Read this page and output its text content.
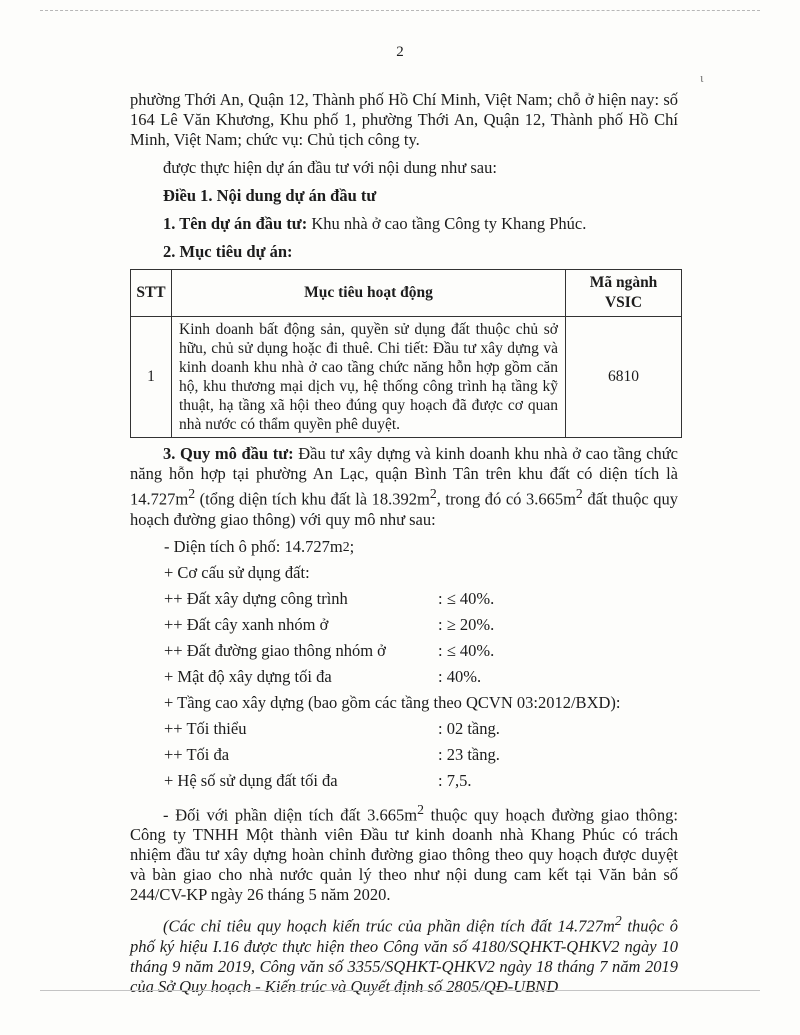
2
ι

phường Thới An, Quận 12, Thành phố Hồ Chí Minh, Việt Nam; chỗ ở hiện nay: số 164 Lê Văn Khương, Khu phố 1, phường Thới An, Quận 12, Thành phố Hồ Chí Minh, Việt Nam; chức vụ: Chủ tịch công ty.

được thực hiện dự án đầu tư với nội dung như sau:

Điều 1. Nội dung dự án đầu tư

1. Tên dự án đầu tư: Khu nhà ở cao tầng Công ty Khang Phúc.

2. Mục tiêu dự án:

STT	Mục tiêu hoạt động	Mã ngành VSIC
1	Kinh doanh bất động sản, quyền sử dụng đất thuộc chủ sở hữu, chủ sử dụng hoặc đi thuê. Chi tiết: Đầu tư xây dựng và kinh doanh khu nhà ở cao tầng chức năng hỗn hợp gồm căn hộ, khu thương mại dịch vụ, hệ thống công trình hạ tầng kỹ thuật, hạ tầng xã hội theo đúng quy hoạch đã được cơ quan nhà nước có thẩm quyền phê duyệt.	6810

3. Quy mô đầu tư: Đầu tư xây dựng và kinh doanh khu nhà ở cao tầng chức năng hỗn hợp tại phường An Lạc, quận Bình Tân trên khu đất có diện tích là $14.727m^2$ (tổng diện tích khu đất là $18.392m^2$, trong đó có $3.665m^2$ đất thuộc quy hoạch đường giao thông) với quy mô như sau:

- Diện tích ô phố: 14.727m 2 ;
+ Cơ cấu sử dụng đất:
++ Đất xây dựng công trình	: ≤ 40%.
++ Đất cây xanh nhóm ở	: ≥ 20%.
++ Đất đường giao thông nhóm ở	: ≤ 40%.
+ Mật độ xây dựng tối đa	: 40%.
+ Tầng cao xây dựng (bao gồm các tầng theo QCVN 03:2012/BXD):
++ Tối thiểu	: 02 tầng.
++ Tối đa	: 23 tầng.
+ Hệ số sử dụng đất tối đa	: 7,5.

- Đối với phần diện tích đất $3.665m^2$ thuộc quy hoạch đường giao thông: Công ty TNHH Một thành viên Đầu tư kinh doanh nhà Khang Phúc có trách nhiệm đầu tư xây dựng hoàn chỉnh đường giao thông theo quy hoạch được duyệt và bàn giao cho nhà nước quản lý theo như nội dung cam kết tại Văn bản số 244/CV-KP ngày 26 tháng 5 năm 2020.

(Các chỉ tiêu quy hoạch kiến trúc của phần diện tích đất $14.727m^2$ thuộc ô phố ký hiệu I.16 được thực hiện theo Công văn số 4180/SQHKT-QHKV2 ngày 10 tháng 9 năm 2019, Công văn số 3355/SQHKT-QHKV2 ngày 18 tháng 7 năm 2019 của Sở Quy hoạch - Kiến trúc và Quyết định số 2805/QĐ-UBND
